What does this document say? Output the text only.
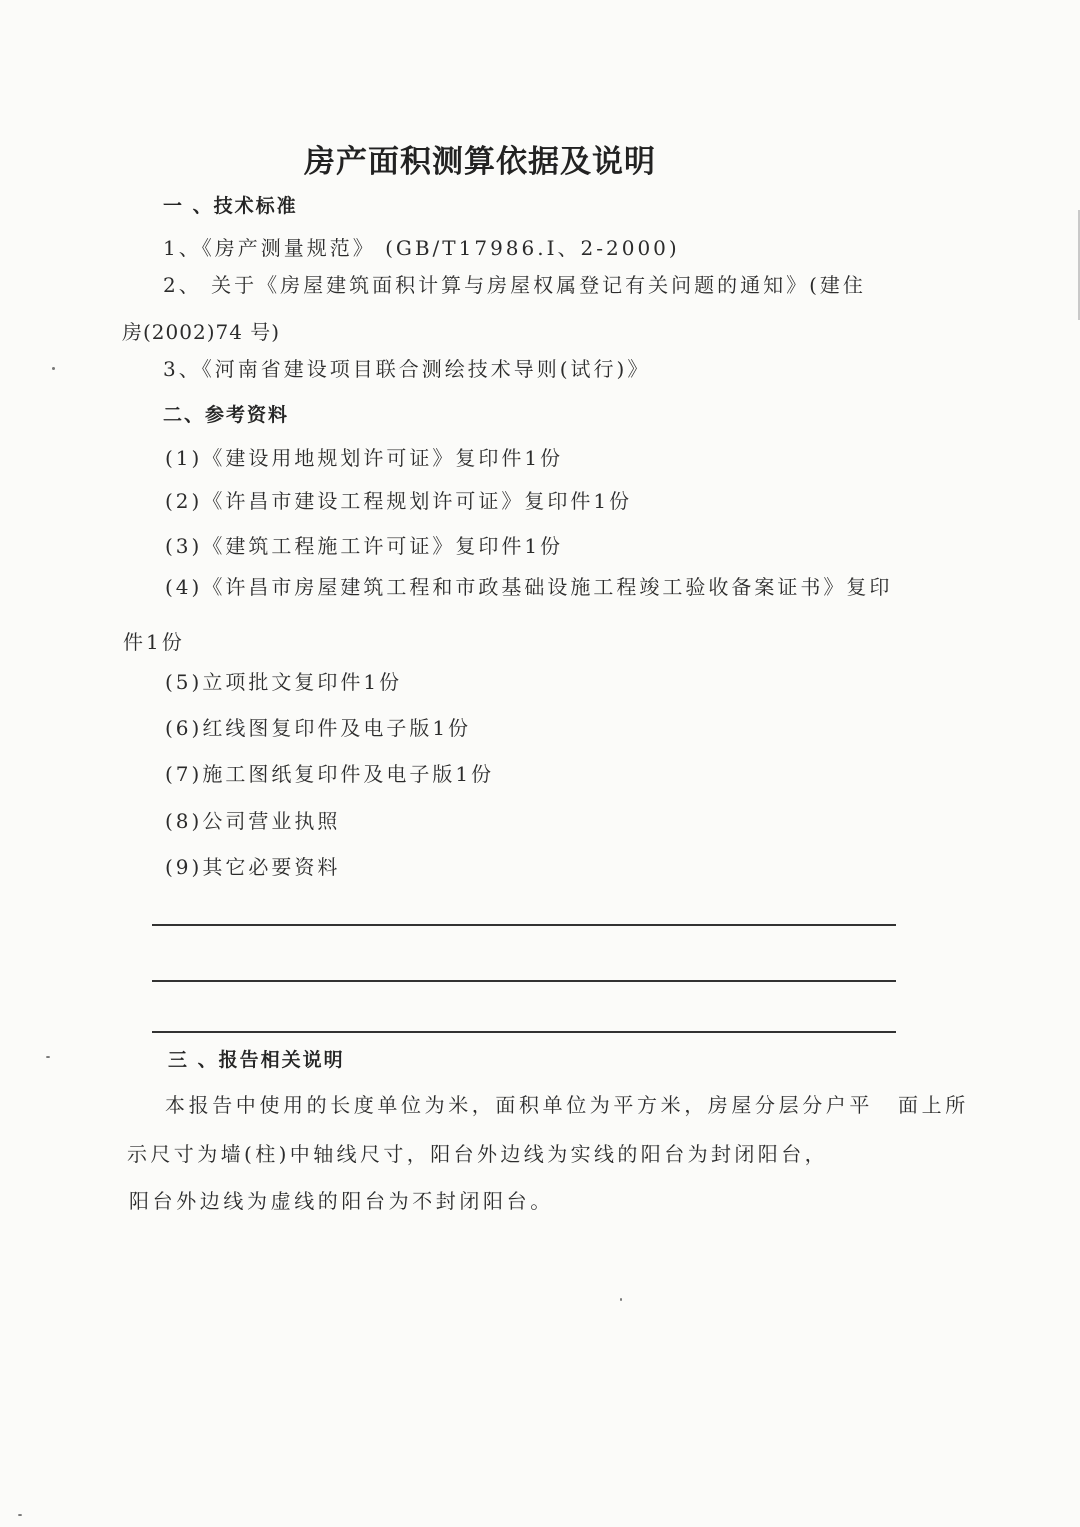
房产面积测算依据及说明
一 、技术标准
1、《房产测量规范》 (GB/T17986.I、2-2000)
2、 关于《房屋建筑面积计算与房屋权属登记有关问题的通知》(建住
房(2002)74 号)
3、《河南省建设项目联合测绘技术导则(试行)》
二、参考资料
(1)《建设用地规划许可证》复印件1份
(2)《许昌市建设工程规划许可证》复印件1份
(3)《建筑工程施工许可证》复印件1份
(4)《许昌市房屋建筑工程和市政基础设施工程竣工验收备案证书》复印
件1份
(5)立项批文复印件1份
(6)红线图复印件及电子版1份
(7)施工图纸复印件及电子版1份
(8)公司营业执照
(9)其它必要资料
三 、报告相关说明
本报告中使用的长度单位为米，面积单位为平方米，房屋分层分户平 面上所
示尺寸为墙(柱)中轴线尺寸，阳台外边线为实线的阳台为封闭阳台，
阳台外边线为虚线的阳台为不封闭阳台。
